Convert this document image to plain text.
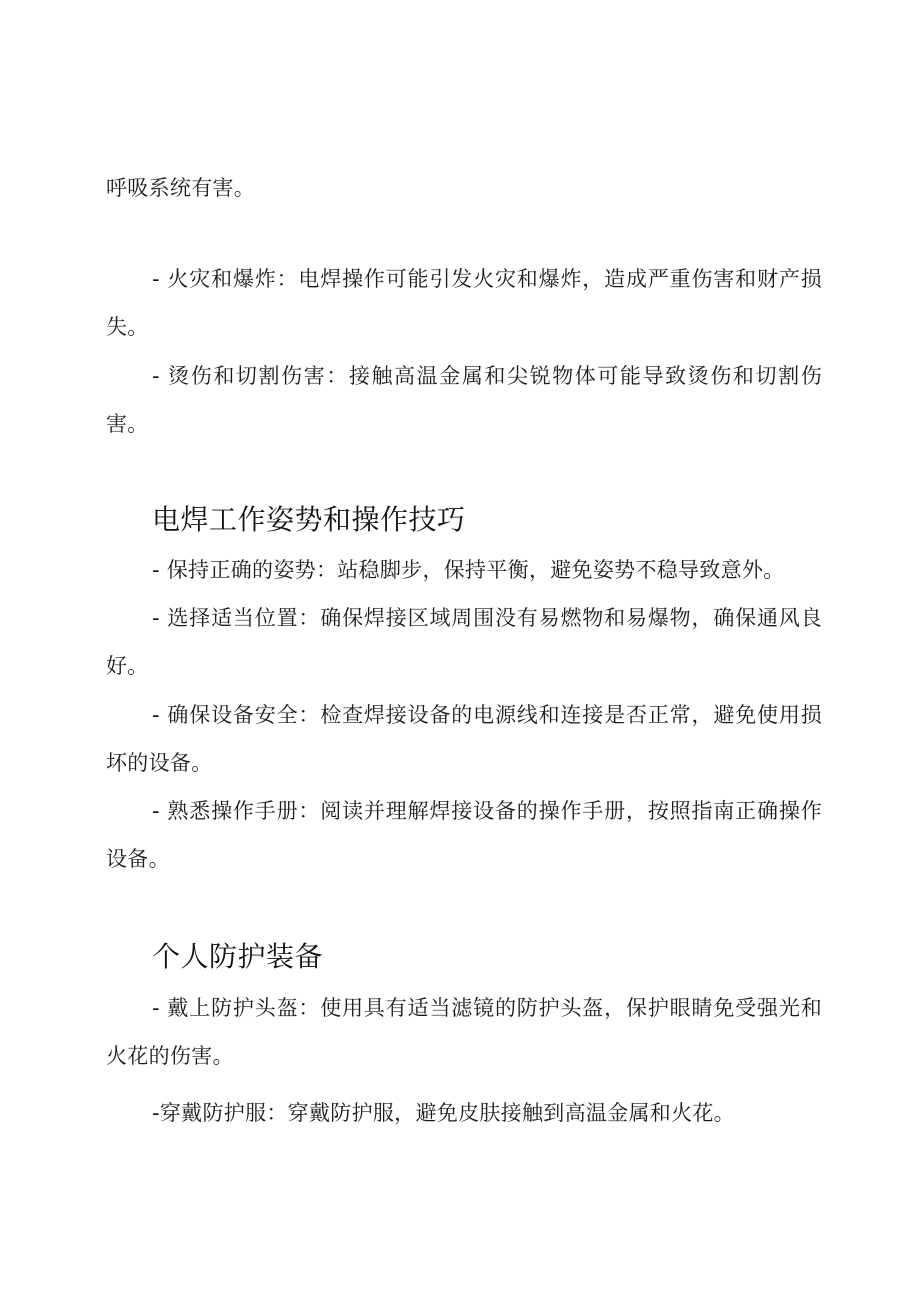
呼吸系统有害。

- 火灾和爆炸：电焊操作可能引发火灾和爆炸，造成严重伤害和财产损失。

- 烫伤和切割伤害：接触高温金属和尖锐物体可能导致烫伤和切割伤害。

电焊工作姿势和操作技巧

- 保持正确的姿势：站稳脚步，保持平衡，避免姿势不稳导致意外。

- 选择适当位置：确保焊接区域周围没有易燃物和易爆物，确保通风良好。

- 确保设备安全：检查焊接设备的电源线和连接是否正常，避免使用损坏的设备。

- 熟悉操作手册：阅读并理解焊接设备的操作手册，按照指南正确操作设备。

个人防护装备

- 戴上防护头盔：使用具有适当滤镜的防护头盔，保护眼睛免受强光和火花的伤害。

-穿戴防护服：穿戴防护服，避免皮肤接触到高温金属和火花。
